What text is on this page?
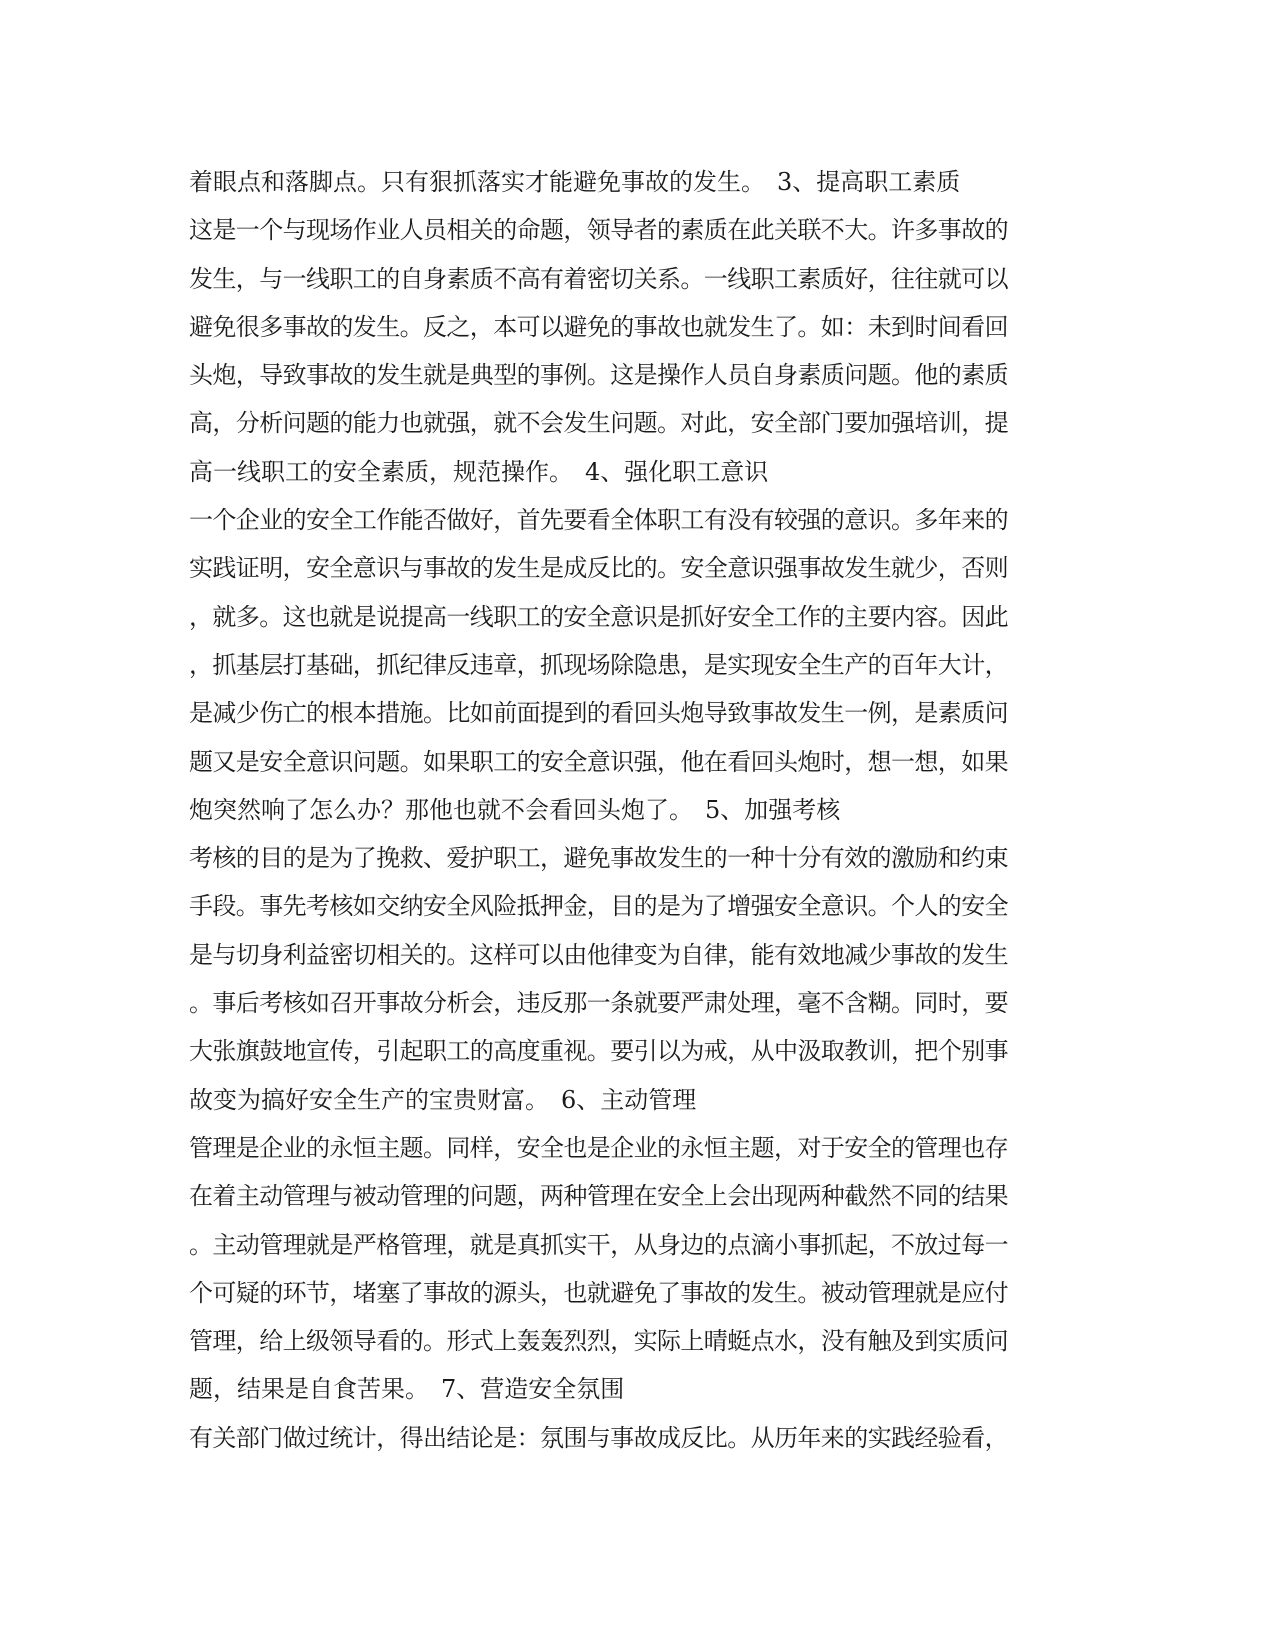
着眼点和落脚点。只有狠抓落实才能避免事故的发生。　3、提高职工素质
这是一个与现场作业人员相关的命题，领导者的素质在此关联不大。许多事故的
发生，与一线职工的自身素质不高有着密切关系。一线职工素质好，往往就可以
避免很多事故的发生。反之，本可以避免的事故也就发生了。如：未到时间看回
头炮，导致事故的发生就是典型的事例。这是操作人员自身素质问题。他的素质
高，分析问题的能力也就强，就不会发生问题。对此，安全部门要加强培训，提
高一线职工的安全素质，规范操作。　4、强化职工意识
一个企业的安全工作能否做好，首先要看全体职工有没有较强的意识。多年来的
实践证明，安全意识与事故的发生是成反比的。安全意识强事故发生就少，否则
，就多。这也就是说提高一线职工的安全意识是抓好安全工作的主要内容。因此
，抓基层打基础，抓纪律反违章，抓现场除隐患，是实现安全生产的百年大计，
是减少伤亡的根本措施。比如前面提到的看回头炮导致事故发生一例，是素质问
题又是安全意识问题。如果职工的安全意识强，他在看回头炮时，想一想，如果
炮突然响了怎么办？那他也就不会看回头炮了。　5、加强考核
考核的目的是为了挽救、爱护职工，避免事故发生的一种十分有效的激励和约束
手段。事先考核如交纳安全风险抵押金，目的是为了增强安全意识。个人的安全
是与切身利益密切相关的。这样可以由他律变为自律，能有效地减少事故的发生
。事后考核如召开事故分析会，违反那一条就要严肃处理，毫不含糊。同时，要
大张旗鼓地宣传，引起职工的高度重视。要引以为戒，从中汲取教训，把个别事
故变为搞好安全生产的宝贵财富。　6、主动管理
管理是企业的永恒主题。同样，安全也是企业的永恒主题，对于安全的管理也存
在着主动管理与被动管理的问题，两种管理在安全上会出现两种截然不同的结果
。主动管理就是严格管理，就是真抓实干，从身边的点滴小事抓起，不放过每一
个可疑的环节，堵塞了事故的源头，也就避免了事故的发生。被动管理就是应付
管理，给上级领导看的。形式上轰轰烈烈，实际上晴蜓点水，没有触及到实质问
题，结果是自食苦果。　7、营造安全氛围
有关部门做过统计，得出结论是：氛围与事故成反比。从历年来的实践经验看，
